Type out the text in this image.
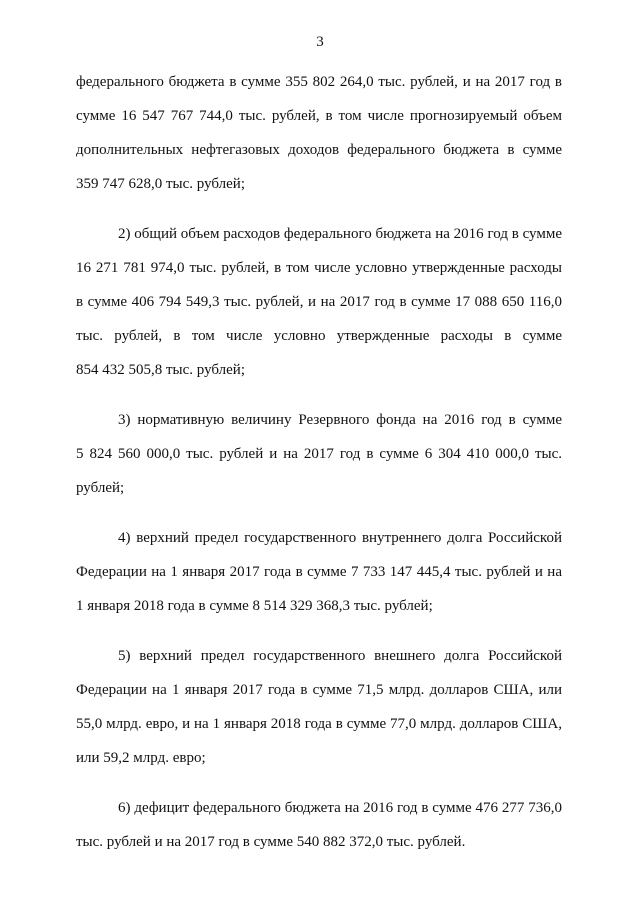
3
федерального бюджета в сумме 355 802 264,0 тыс. рублей, и на 2017 год в
сумме 16 547 767 744,0 тыс. рублей, в том числе прогнозируемый объем
дополнительных нефтегазовых доходов федерального бюджета в сумме
359 747 628,0 тыс. рублей;
2) общий объем расходов федерального бюджета на 2016 год в сумме
16 271 781 974,0 тыс. рублей, в том числе условно утвержденные расходы
в сумме 406 794 549,3 тыс. рублей, и на 2017 год в сумме 17 088 650 116,0
тыс. рублей, в том числе условно утвержденные расходы в сумме
854 432 505,8 тыс. рублей;
3) нормативную величину Резервного фонда на 2016 год в сумме
5 824 560 000,0 тыс. рублей и на 2017 год в сумме 6 304 410 000,0 тыс.
рублей;
4) верхний предел государственного внутреннего долга Российской
Федерации на 1 января 2017 года в сумме 7 733 147 445,4 тыс. рублей и на
1 января 2018 года в сумме 8 514 329 368,3 тыс. рублей;
5) верхний предел государственного внешнего долга Российской
Федерации на 1 января 2017 года в сумме 71,5 млрд. долларов США, или
55,0 млрд. евро, и на 1 января 2018 года в сумме 77,0 млрд. долларов США,
или 59,2 млрд. евро;
6) дефицит федерального бюджета на 2016 год в сумме 476 277 736,0
тыс. рублей и на 2017 год в сумме 540 882 372,0 тыс. рублей.
